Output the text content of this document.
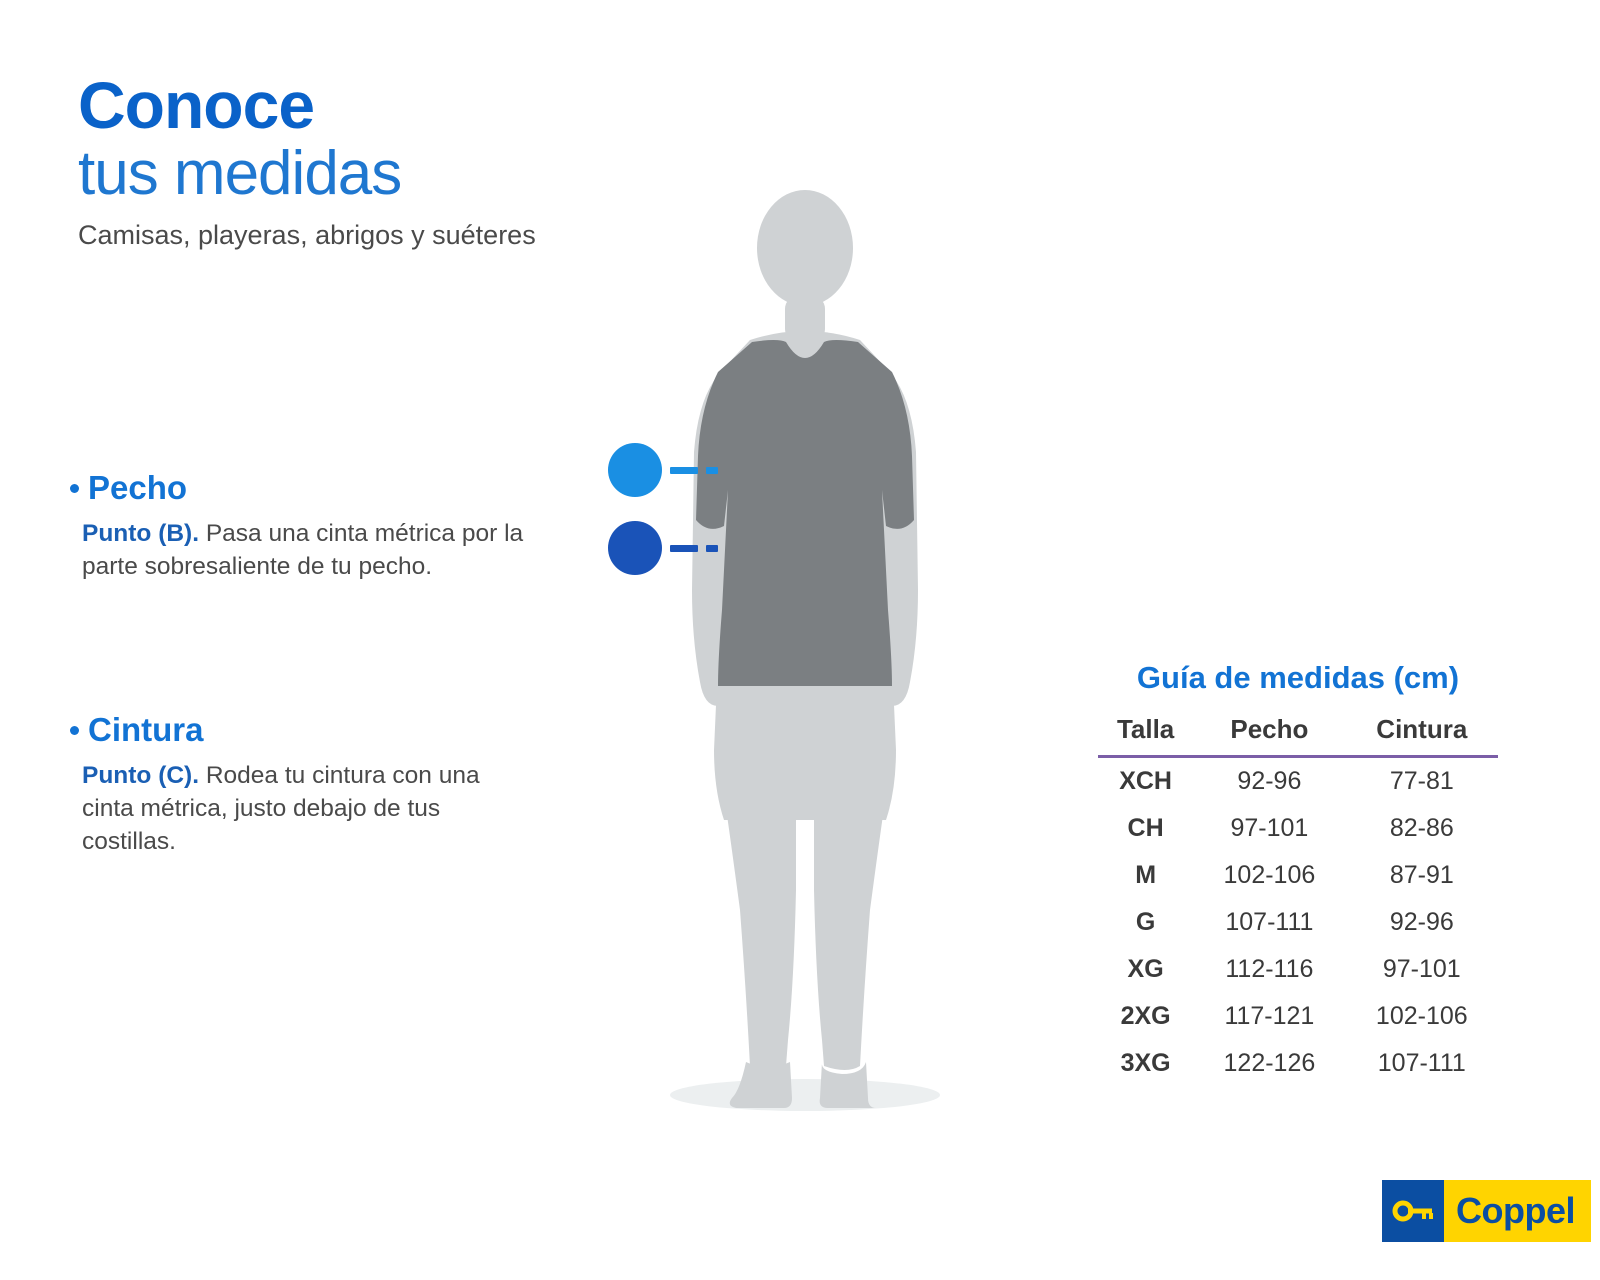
Conoce
tus medidas
Camisas, playeras, abrigos y suéteres
Pecho
Punto (B). Pasa una cinta métrica por la parte sobresaliente de tu pecho.
Cintura
Punto (C). Rodea tu cintura con una cinta métrica, justo debajo de tus costillas.
Guía de medidas (cm)
Talla	Pecho	Cintura
XCH	92-96	77-81
CH	97-101	82-86
M	102-106	87-91
G	107-111	92-96
XG	112-116	97-101
2XG	117-121	102-106
3XG	122-126	107-111
Coppel
